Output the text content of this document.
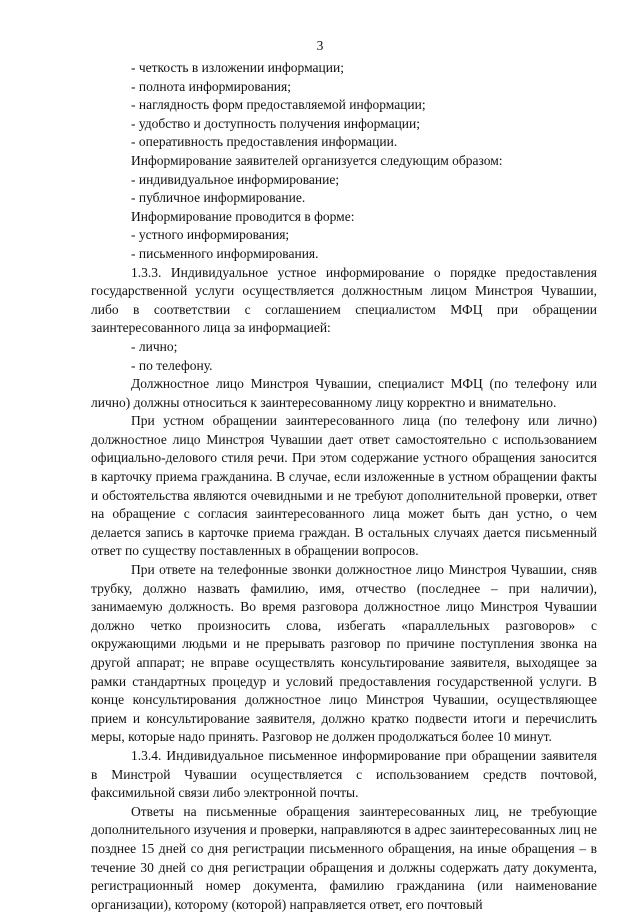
3
- четкость в изложении информации;
- полнота информирования;
- наглядность форм предоставляемой информации;
- удобство и доступность получения информации;
- оперативность предоставления информации.
Информирование заявителей организуется следующим образом:
- индивидуальное информирование;
- публичное информирование.
Информирование проводится в форме:
- устного информирования;
- письменного информирования.

1.3.3. Индивидуальное устное информирование о порядке предоставления государственной услуги осуществляется должностным лицом Минстроя Чувашии, либо в соответствии с соглашением специалистом МФЦ при обращении заинтересованного лица за информацией:

- лично;
- по телефону.

Должностное лицо Минстроя Чувашии, специалист МФЦ (по телефону или лично) должны относиться к заинтересованному лицу корректно и внимательно.

При устном обращении заинтересованного лица (по телефону или лично) должностное лицо Минстроя Чувашии дает ответ самостоятельно с использованием официально-делового стиля речи. При этом содержание устного обращения заносится в карточку приема гражданина. В случае, если изложенные в устном обращении факты и обстоятельства являются очевидными и не требуют дополнительной проверки, ответ на обращение с согласия заинтересованного лица может быть дан устно, о чем делается запись в карточке приема граждан. В остальных случаях дается письменный ответ по существу поставленных в обращении вопросов.

При ответе на телефонные звонки должностное лицо Минстроя Чувашии, сняв трубку, должно назвать фамилию, имя, отчество (последнее – при наличии), занимаемую должность. Во время разговора должностное лицо Минстроя Чувашии должно четко произносить слова, избегать «параллельных разговоров» с окружающими людьми и не прерывать разговор по причине поступления звонка на другой аппарат; не вправе осуществлять консультирование заявителя, выходящее за рамки стандартных процедур и условий предоставления государственной услуги. В конце консультирования должностное лицо Минстроя Чувашии, осуществляющее прием и консультирование заявителя, должно кратко подвести итоги и перечислить меры, которые надо принять. Разговор не должен продолжаться более 10 минут.

1.3.4. Индивидуальное письменное информирование при обращении заявителя в Минстрой Чувашии осуществляется с использованием средств почтовой, факсимильной связи либо электронной почты.

Ответы на письменные обращения заинтересованных лиц, не требующие дополнительного изучения и проверки, направляются в адрес заинтересованных лиц не позднее 15 дней со дня регистрации письменного обращения, на иные обращения – в течение 30 дней со дня регистрации обращения и должны содержать дату документа, регистрационный номер документа, фамилию гражданина (или наименование организации), которому (которой) направляется ответ, его почтовый
